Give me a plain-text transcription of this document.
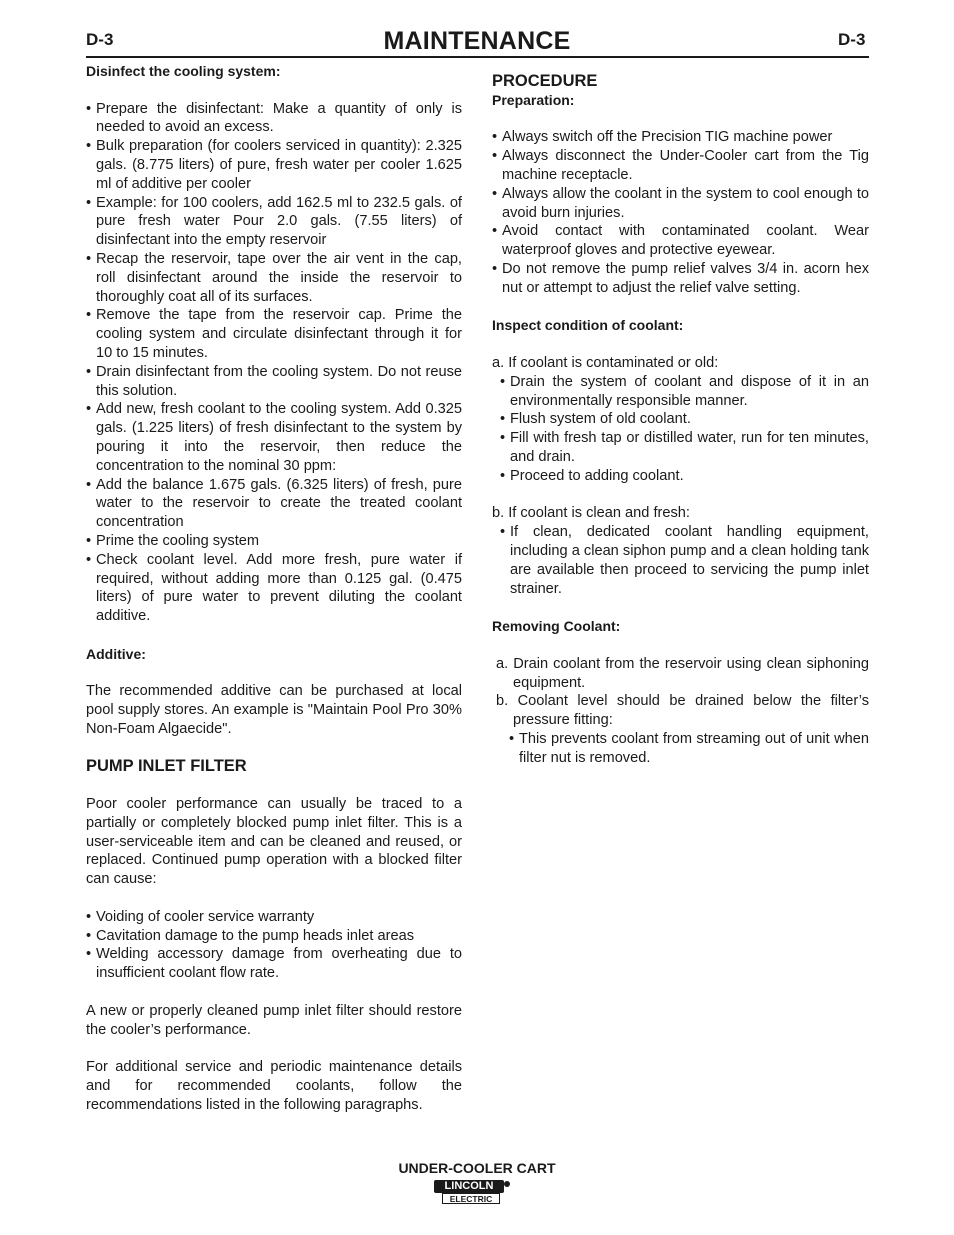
D-3	MAINTENANCE	D-3
Disinfect the cooling system:
• Prepare the disinfectant: Make a quantity of only is needed to avoid an excess.
• Bulk preparation (for coolers serviced in quantity): 2.325 gals. (8.775 liters) of pure, fresh water per cooler 1.625 ml of additive per cooler
• Example: for 100 coolers, add 162.5 ml to 232.5 gals. of pure fresh water Pour 2.0 gals. (7.55 liters) of disinfectant into the empty reservoir
• Recap the reservoir, tape over the air vent in the cap, roll disinfectant around the inside the reservoir to thoroughly coat all of its surfaces.
• Remove the tape from the reservoir cap. Prime the cooling system and circulate disinfectant through it for 10 to 15 minutes.
• Drain disinfectant from the cooling system. Do not reuse this solution.
• Add new, fresh coolant to the cooling system. Add 0.325 gals. (1.225 liters) of fresh disinfectant to the system by pouring it into the reservoir, then reduce the concentration to the nominal 30 ppm:
• Add the balance 1.675 gals. (6.325 liters) of fresh, pure water to the reservoir to create the treated coolant concentration
• Prime the cooling system
• Check coolant level. Add more fresh, pure water if required, without adding more than 0.125 gal. (0.475 liters) of pure water to prevent diluting the coolant additive.
Additive:

The recommended additive can be purchased at local pool supply stores. An example is "Maintain Pool Pro 30% Non-Foam Algaecide".

PUMP INLET FILTER

Poor cooler performance can usually be traced to a partially or completely blocked pump inlet filter. This is a user-serviceable item and can be cleaned and reused, or replaced. Continued pump operation with a blocked filter can cause:

• Voiding of cooler service warranty
• Cavitation damage to the pump heads inlet areas
• Welding accessory damage from overheating due to insufficient coolant flow rate.

A new or properly cleaned pump inlet filter should restore the cooler’s performance.

For additional service and periodic maintenance details and for recommended coolants, follow the recommendations listed in the following paragraphs.

PROCEDURE
Preparation:
• Always switch off the Precision TIG machine power
• Always disconnect the Under-Cooler cart from the Tig machine receptacle.
• Always allow the coolant in the system to cool enough to avoid burn injuries.
• Avoid contact with contaminated coolant. Wear waterproof gloves and protective eyewear.
• Do not remove the pump relief valves 3/4 in. acorn hex nut or attempt to adjust the relief valve setting.
Inspect condition of coolant:

a. If coolant is contaminated or old:

• Drain the system of coolant and dispose of it in an environmentally responsible manner.
• Flush system of old coolant.
• Fill with fresh tap or distilled water, run for ten minutes, and drain.
• Proceed to adding coolant.

b. If coolant is clean and fresh:

• If clean, dedicated coolant handling equipment, including a clean siphon pump and a clean holding tank are available then proceed to servicing the pump inlet strainer.
Removing Coolant:

a. Drain coolant from the reservoir using clean siphoning equipment.

b. Coolant level should be drained below the filter’s pressure fitting:

• This prevents coolant from streaming out of unit when filter nut is removed.
UNDER-COOLER CART
LINCOLN
ELECTRIC
